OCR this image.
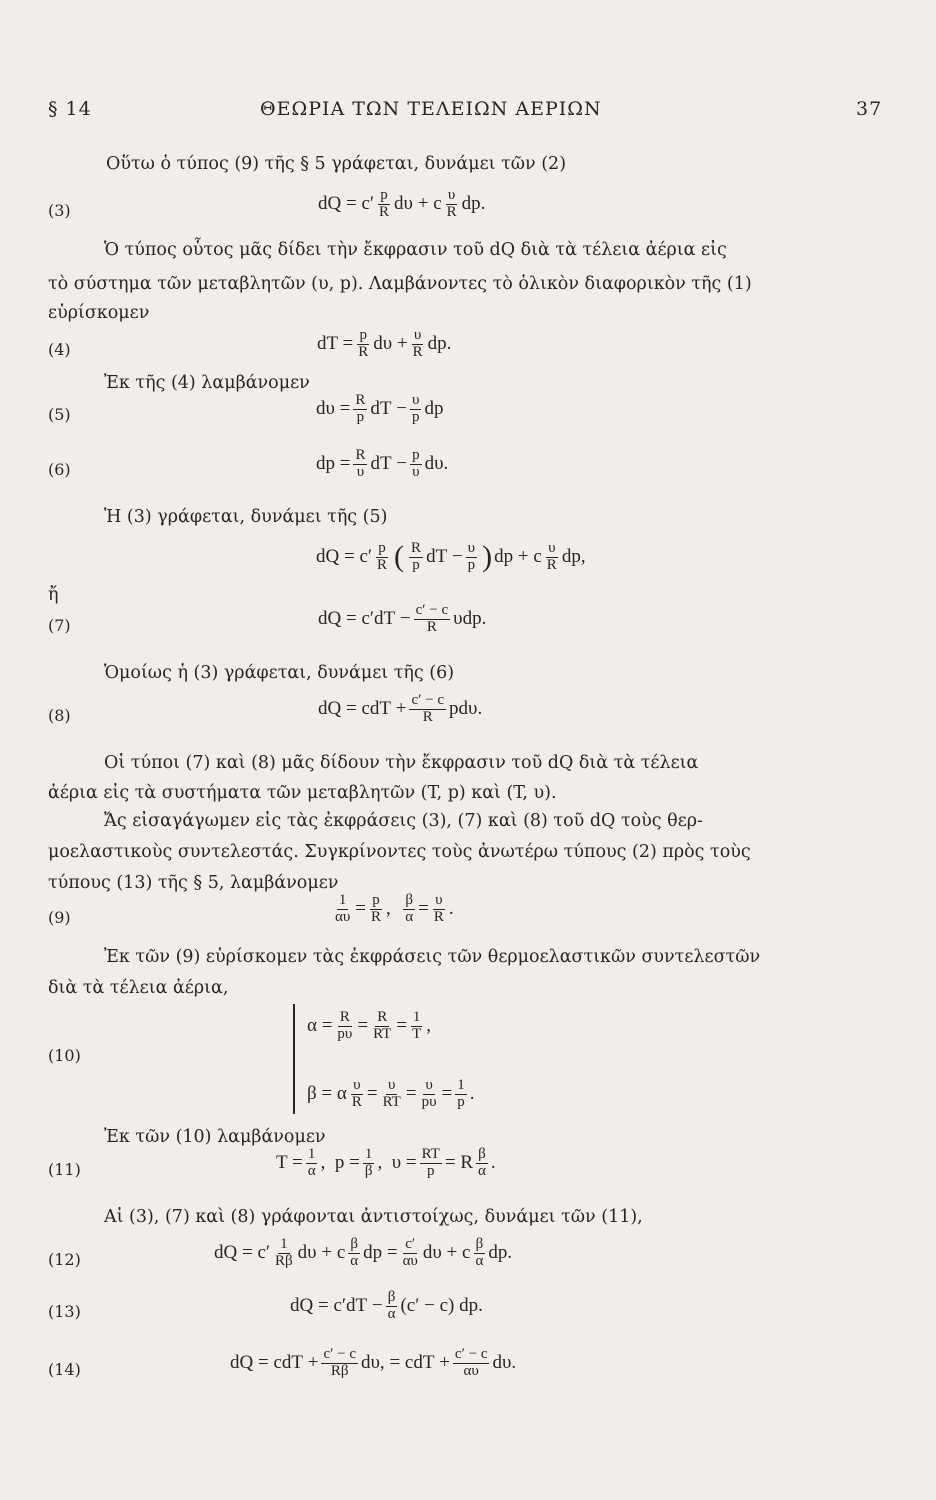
§ 14	ΘΕΩΡΙΑ ΤΩΝ ΤΕΛΕΙΩΝ ΑΕΡΙΩΝ	37
Οὕτω ὁ τύπος (9) τῆς § 5 γράφεται, δυνάμει τῶν (2)
(3)	dQ =
$c' \frac{p}{R}$ dυ
+
c $\frac{\upsilon}{R}$ dp.
Ὁ τύπος οὗτος μᾶς δίδει τὴν ἔκφρασιν τοῦ dQ διὰ τὰ τέλεια ἀέρια εἰς
τὸ σύστημα τῶν μεταβλητῶν (υ, p). Λαμβάνοντες τὸ ὁλικὸν διαφορικὸν τῆς (1)
εὑρίσκομεν
(4)	dT = $\frac{p}{R}$ dυ
+ $\frac{\upsilon}{R}$ dp.
Ἐκ τῆς (4) λαμβάνομεν
(5)	$d\upsilon = \frac{R}{p}$ dT
− $\frac{\upsilon}{p}$ dp
(6)	dp = $\frac{R}{\upsilon}$ dT
− $\frac{p}{\upsilon} d\upsilon$.
Ἡ (3) γράφεται, δυνάμει τῆς (5)
dQ =
$c' \frac{p}{R}$ ( $\frac{R}{p}$ dT
− $\frac{\upsilon}{p}$ ) dp
+
c $\frac{\upsilon}{R}$ dp,
ἤ
(7)	dQ =
c′dT
− $\frac{c' - c}{R}$ υdp .
Ὁμοίως ἡ (3) γράφεται, δυνάμει τῆς (6)
(8)	dQ =
cdT
+ $\frac{c' - c}{R}$ pdυ .
Οἱ τύποι (7) καὶ (8) μᾶς δίδουν τὴν ἔκφρασιν τοῦ dQ διὰ τὰ τέλεια
ἀέρια εἰς τὰ συστήματα τῶν μεταβλητῶν (T, p) καὶ (T, υ).
Ἄς εἰσαγάγωμεν εἰς τὰς ἐκφράσεις (3), (7) καὶ (8) τοῦ dQ τοὺς θερ-
μοελαστικοὺς συντελεστάς. Συγκρίνοντες τοὺς ἀνωτέρω τύπους (2) πρὸς τοὺς
τύπους (13) τῆς § 5, λαμβάνομεν
(9)	$\frac{1}{\alpha\upsilon} = \frac{p}{R}$ ,
$\frac{\beta}{\alpha} = \frac{\upsilon}{R}$ .
Ἐκ τῶν (9) εὑρίσκομεν τὰς ἐκφράσεις τῶν θερμοελαστικῶν συντελεστῶν
διὰ τὰ τέλεια ἀέρια,
(10)
$\alpha = \frac{R}{p\upsilon} = \frac{R}{RT} = \frac{1}{T}$ ,
β = α $\frac{\upsilon}{R} = \frac{\upsilon}{RT} = \frac{\upsilon}{p\upsilon} = \frac{1}{p}$ .
Ἐκ τῶν (10) λαμβάνομεν
(11)	$T = \frac{1}{\alpha}$ ,
$p = \frac{1}{\beta}$ ,
$\upsilon = \frac{RT}{p}$ =
R $\frac{\beta}{\alpha}$ .
Αἱ (3), (7) καὶ (8) γράφονται ἀντιστοίχως, δυνάμει τῶν (11),
(12)	dQ =
$c' \frac{1}{R\beta}$ dυ
+
c $\frac{\beta}{\alpha}$ dp
= $\frac{c'}{\alpha\upsilon}$ dυ
+
c $\frac{\beta}{\alpha}$ dp.
(13)	dQ =
c′dT
− $\frac{\beta}{\alpha} (c' - c)$ dp .
(14)	dQ =
cdT
+ $\frac{c' - c}{R\beta} d\upsilon$,
=
cdT
+ $\frac{c' - c}{\alpha\upsilon} d\upsilon$.
